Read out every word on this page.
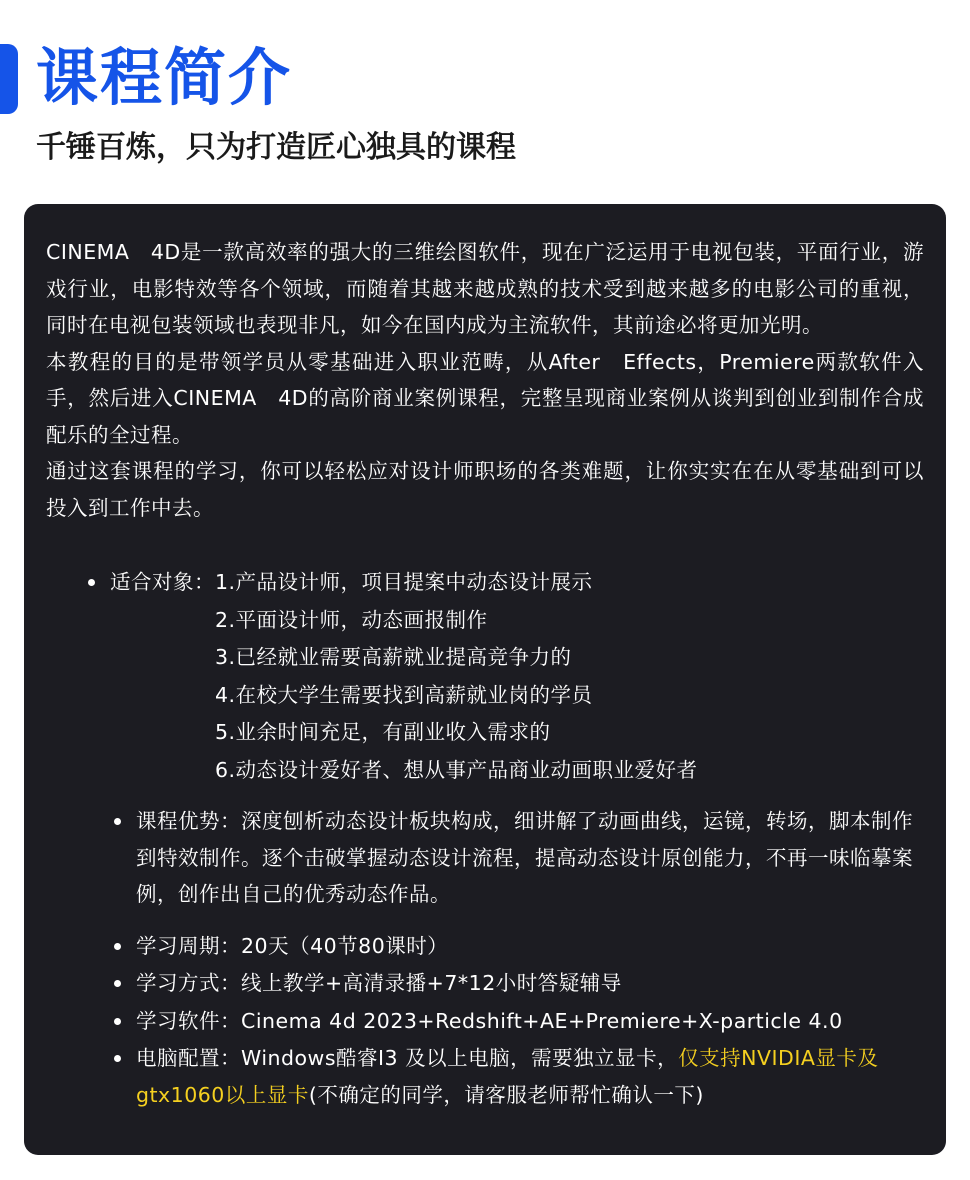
课程简介
千锤百炼，只为打造匠心独具的课程

CINEMA　4D是一款高效率的强大的三维绘图软件，现在广泛运用于电视包装，平面行业，游戏行业，电影特效等各个领域，而随着其越来越成熟的技术受到越来越多的电影公司的重视，同时在电视包装领域也表现非凡，如今在国内成为主流软件，其前途必将更加光明。

本教程的目的是带领学员从零基础进入职业范畴，从After　Effects，Premiere两款软件入手，然后进入CINEMA　4D的高阶商业案例课程，完整呈现商业案例从谈判到创业到制作合成配乐的全过程。

通过这套课程的学习，你可以轻松应对设计师职场的各类难题，让你实实在在从零基础到可以投入到工作中去。

适合对象： 1.产品设计师，项目提案中动态设计展示
2.平面设计师，动态画报制作
3.已经就业需要高薪就业提高竞争力的
4.在校大学生需要找到高薪就业岗的学员
5.业余时间充足，有副业收入需求的
6.动态设计爱好者、想从事产品商业动画职业爱好者
课程优势：深度刨析动态设计板块构成，细讲解了动画曲线，运镜，转场，脚本制作到特效制作。逐个击破掌握动态设计流程，提高动态设计原创能力，不再一味临摹案例，创作出自己的优秀动态作品。
学习周期：20天（40节80课时）
学习方式：线上教学+高清录播+7*12小时答疑辅导
学习软件：Cinema 4d 2023+Redshift+AE+Premiere+X-particle 4.0
电脑配置：Windows酷睿I3 及以上电脑，需要独立显卡，仅支持NVIDIA显卡及gtx1060以上显卡(不确定的同学，请客服老师帮忙确认一下)
